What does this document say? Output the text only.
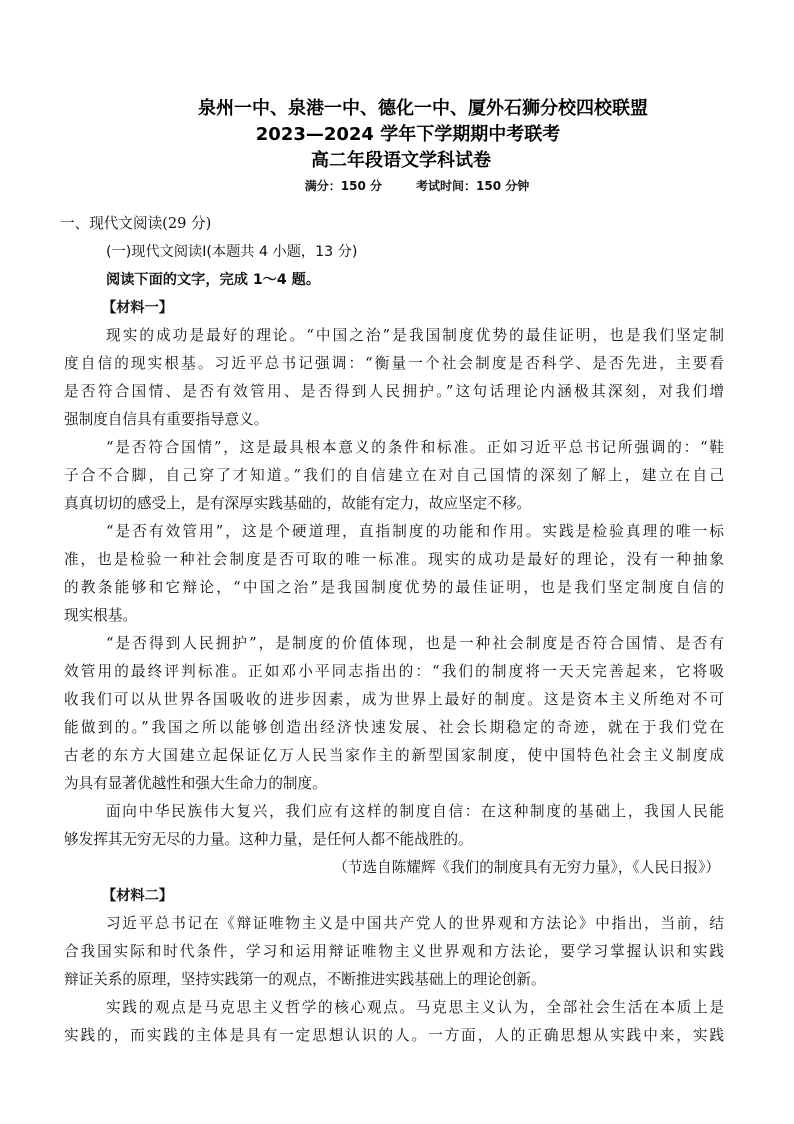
泉州一中、泉港一中、德化一中、厦外石狮分校四校联盟
2023—2024 学年下学期期中考联考
高二年段语文学科试卷
满分：150 分	考试时间：150 分钟
一、现代文阅读(29 分)
(一)现代文阅读Ⅰ(本题共 4 小题，13 分)
阅读下面的文字，完成 1～4 题。
【材料一】
现实的成功是最好的理论。“中国之治”是我国制度优势的最佳证明，也是我们坚定制
度自信的现实根基。习近平总书记强调：“衡量一个社会制度是否科学、是否先进，主要看
是否符合国情、是否有效管用、是否得到人民拥护。”这句话理论内涵极其深刻，对我们增
强制度自信具有重要指导意义。
“是否符合国情”，这是最具根本意义的条件和标准。正如习近平总书记所强调的：“鞋
子合不合脚，自己穿了才知道。”我们的自信建立在对自己国情的深刻了解上，建立在自己
真真切切的感受上，是有深厚实践基础的，故能有定力，故应坚定不移。
“是否有效管用”，这是个硬道理，直指制度的功能和作用。实践是检验真理的唯一标
准，也是检验一种社会制度是否可取的唯一标准。现实的成功是最好的理论，没有一种抽象
的教条能够和它辩论，“中国之治”是我国制度优势的最佳证明，也是我们坚定制度自信的
现实根基。
“是否得到人民拥护”，是制度的价值体现，也是一种社会制度是否符合国情、是否有
效管用的最终评判标准。正如邓小平同志指出的：“我们的制度将一天天完善起来，它将吸
收我们可以从世界各国吸收的进步因素，成为世界上最好的制度。这是资本主义所绝对不可
能做到的。”我国之所以能够创造出经济快速发展、社会长期稳定的奇迹，就在于我们党在
古老的东方大国建立起保证亿万人民当家作主的新型国家制度，使中国特色社会主义制度成
为具有显著优越性和强大生命力的制度。
面向中华民族伟大复兴，我们应有这样的制度自信：在这种制度的基础上，我国人民能
够发挥其无穷无尽的力量。这种力量，是任何人都不能战胜的。
（节选自陈耀辉《我们的制度具有无穷力量》，《人民日报》）
【材料二】
习近平总书记在《辩证唯物主义是中国共产党人的世界观和方法论》中指出，当前，结
合我国实际和时代条件，学习和运用辩证唯物主义世界观和方法论，要学习掌握认识和实践
辩证关系的原理，坚持实践第一的观点，不断推进实践基础上的理论创新。
实践的观点是马克思主义哲学的核心观点。马克思主义认为，全部社会生活在本质上是
实践的，而实践的主体是具有一定思想认识的人。一方面，人的正确思想从实践中来，实践
